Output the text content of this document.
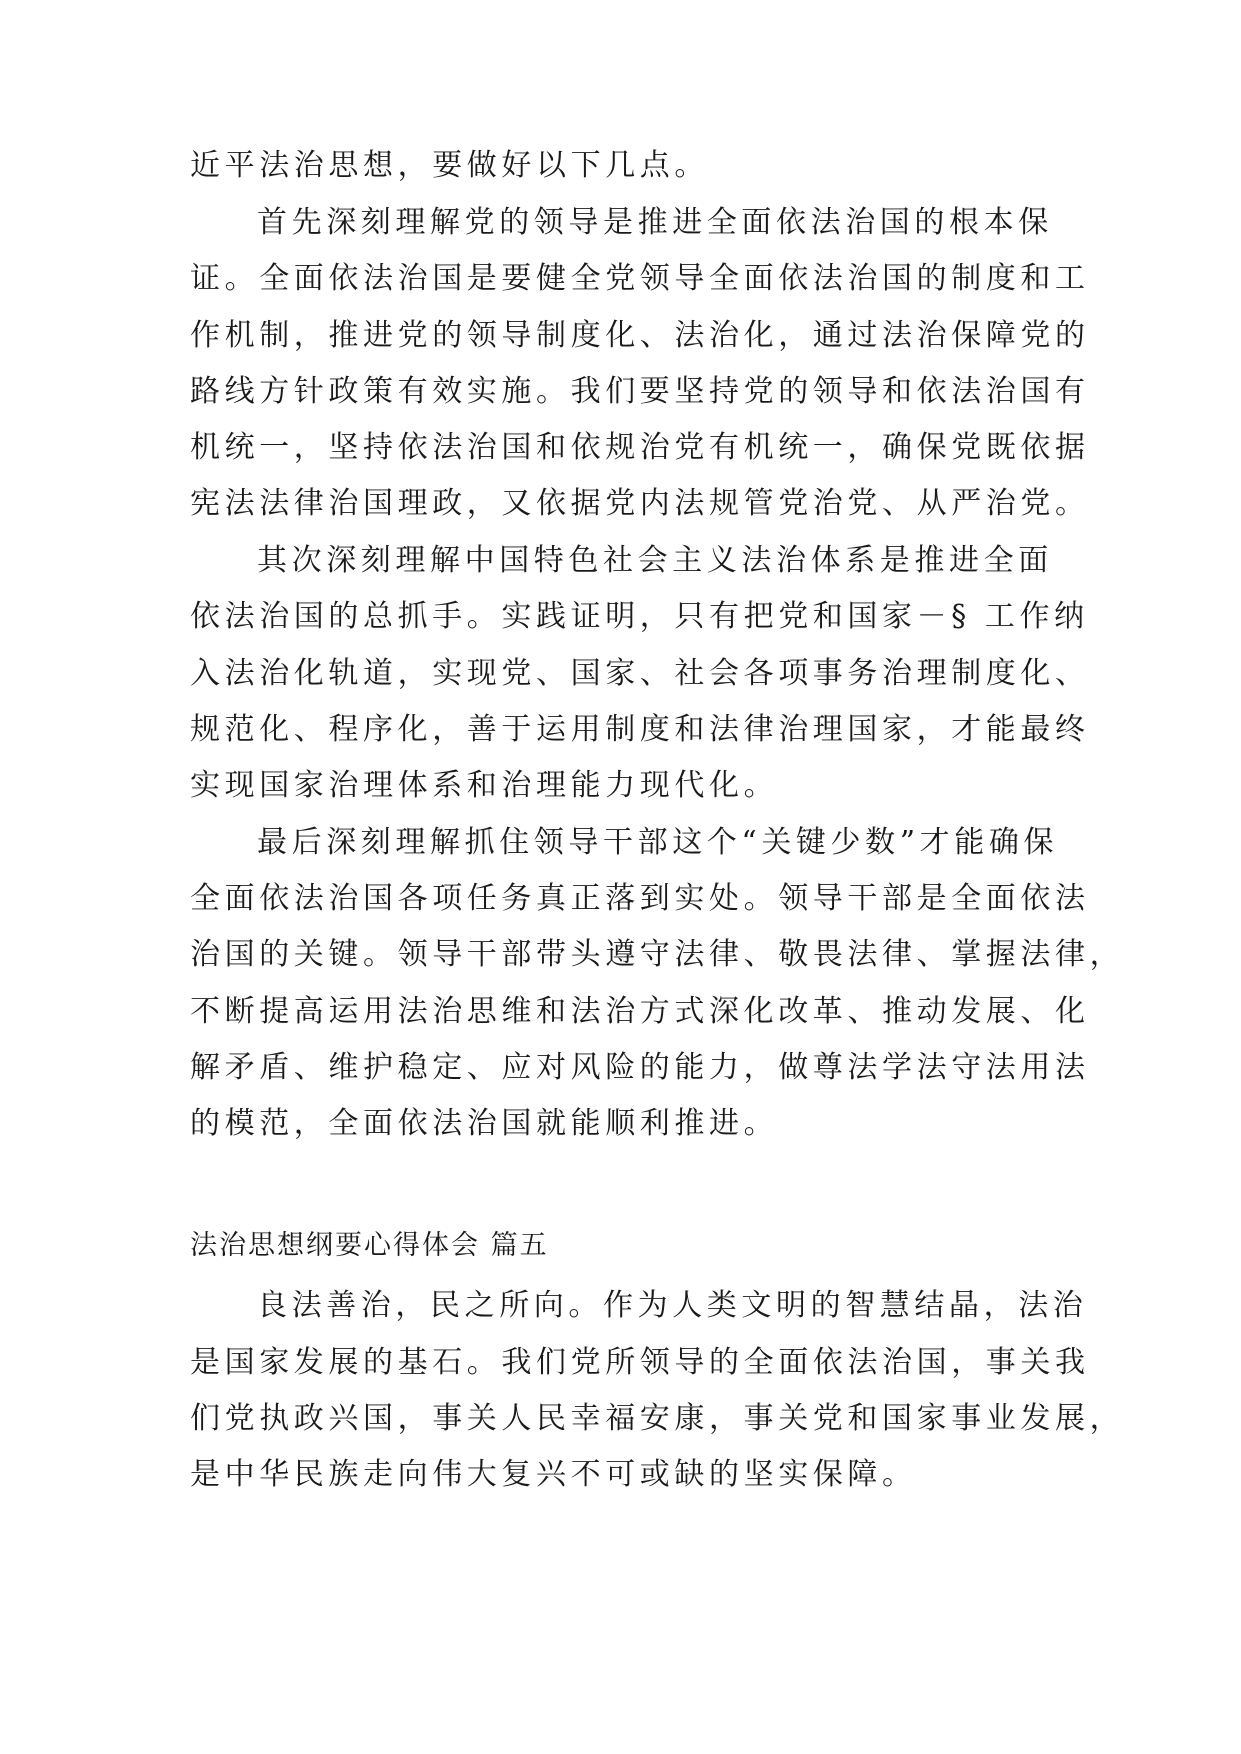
近平法治思想，要做好以下几点。
首先深刻理解党的领导是推进全面依法治国的根本保
证。全面依法治国是要健全党领导全面依法治国的制度和工
作机制，推进党的领导制度化、法治化，通过法治保障党的
路线方针政策有效实施。我们要坚持党的领导和依法治国有
机统一，坚持依法治国和依规治党有机统一，确保党既依据
宪法法律治国理政，又依据党内法规管党治党、从严治党。
其次深刻理解中国特色社会主义法治体系是推进全面
依法治国的总抓手。实践证明，只有把党和国家－§ 工作纳
入法治化轨道，实现党、国家、社会各项事务治理制度化、
规范化、程序化，善于运用制度和法律治理国家，才能最终
实现国家治理体系和治理能力现代化。
最后深刻理解抓住领导干部这个“关键少数”才能确保
全面依法治国各项任务真正落到实处。领导干部是全面依法
治国的关键。领导干部带头遵守法律、敬畏法律、掌握法律，
不断提高运用法治思维和法治方式深化改革、推动发展、化
解矛盾、维护稳定、应对风险的能力，做尊法学法守法用法
的模范，全面依法治国就能顺利推进。
法治思想纲要心得体会 篇五
良法善治，民之所向。作为人类文明的智慧结晶，法治
是国家发展的基石。我们党所领导的全面依法治国，事关我
们党执政兴国，事关人民幸福安康，事关党和国家事业发展，
是中华民族走向伟大复兴不可或缺的坚实保障。
